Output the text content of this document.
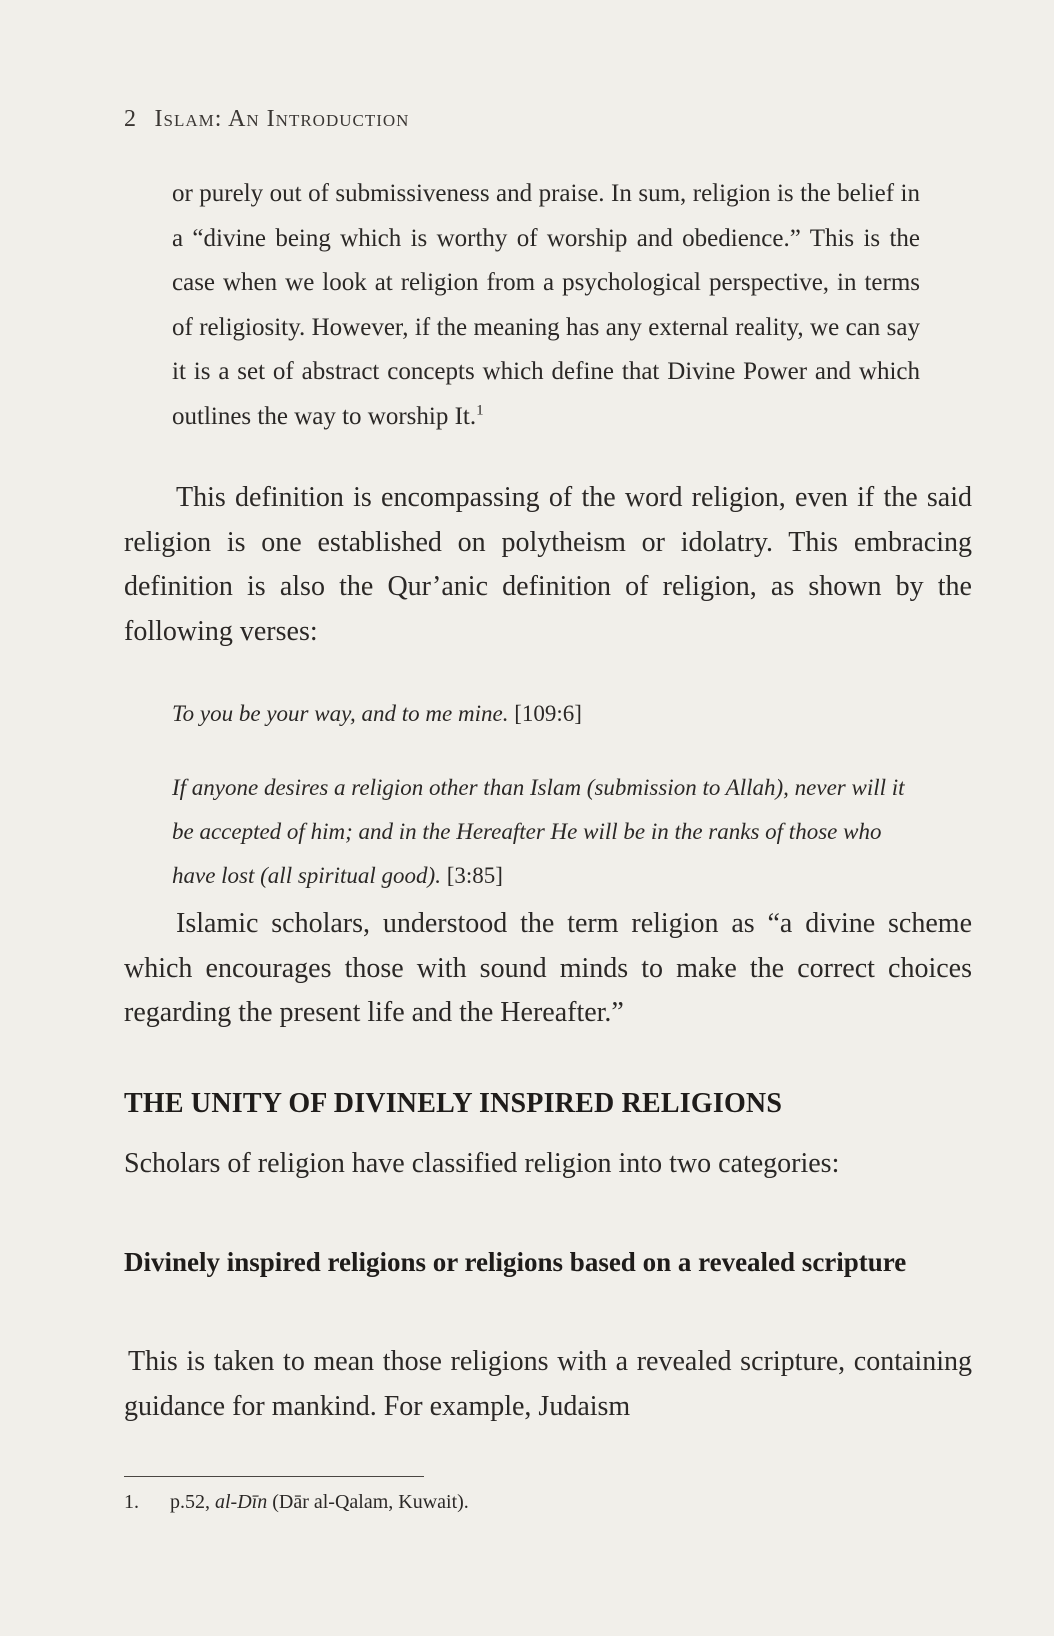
2 Islam: An Introduction
or purely out of submissiveness and praise. In sum, religion is the belief in a “divine being which is worthy of worship and obedience.” This is the case when we look at religion from a psychological perspective, in terms of religiosity. However, if the meaning has any external reality, we can say it is a set of abstract concepts which define that Divine Power and which outlines the way to worship It.$^1$

This definition is encompassing of the word religion, even if the said religion is one established on polytheism or idolatry. This embracing definition is also the Qur’anic definition of religion, as shown by the following verses:

To you be your way, and to me mine. [109:6]
If anyone desires a religion other than Islam (submission to Allah), never will it be accepted of him; and in the Hereafter He will be in the ranks of those who have lost (all spiritual good). [3:85]

Islamic scholars, understood the term religion as “a divine scheme which encourages those with sound minds to make the correct choices regarding the present life and the Hereafter.”

THE UNITY OF DIVINELY INSPIRED RELIGIONS

Scholars of religion have classified religion into two categories:

Divinely inspired religions or religions based on a revealed scripture

This is taken to mean those religions with a revealed scripture, containing guidance for mankind. For example, Judaism

1. p.52, al-Dīn (Dār al-Qalam, Kuwait).
